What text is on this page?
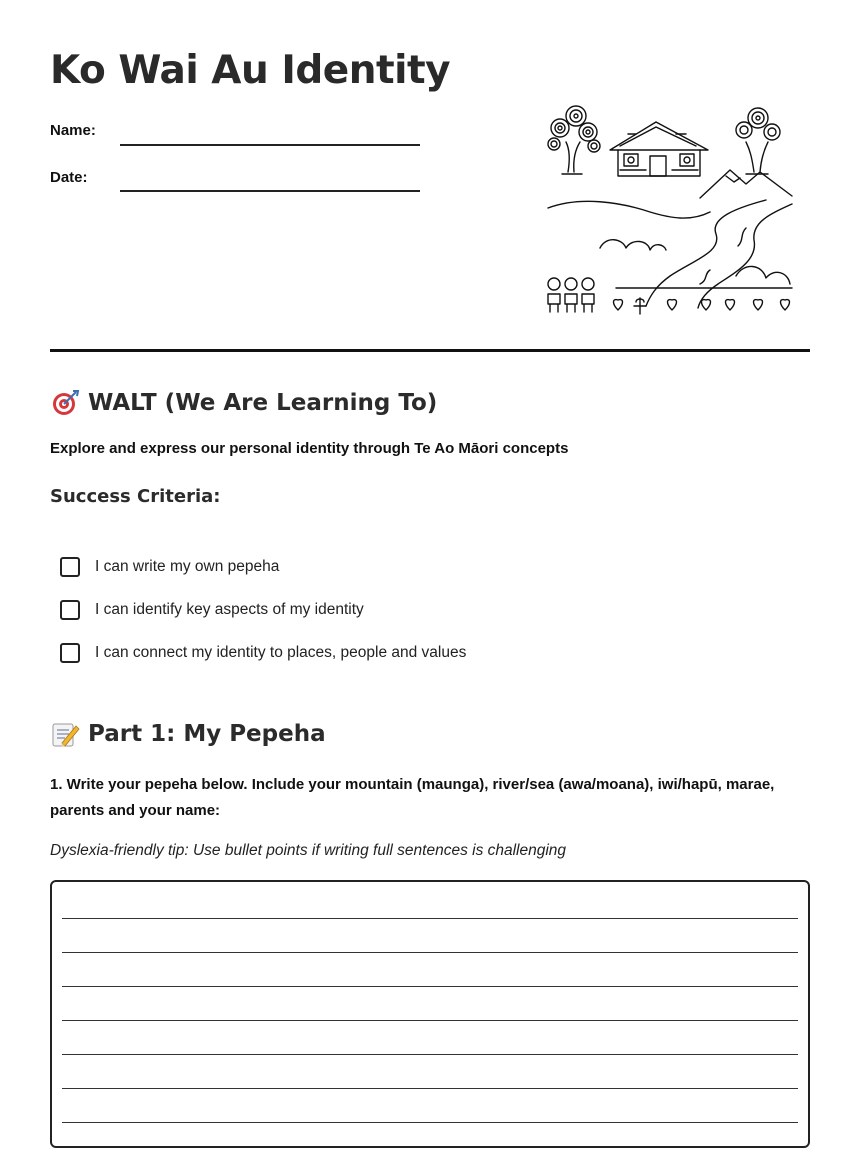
Ko Wai Au Identity
Name:
Date:
WALT (We Are Learning To)
Explore and express our personal identity through Te Ao Māori concepts
Success Criteria:
I can write my own pepeha
I can identify key aspects of my identity
I can connect my identity to places, people and values
Part 1: My Pepeha
1. Write your pepeha below. Include your mountain (maunga), river/sea (awa/moana), iwi/hapū, marae, parents and your name:
Dyslexia-friendly tip: Use bullet points if writing full sentences is challenging
